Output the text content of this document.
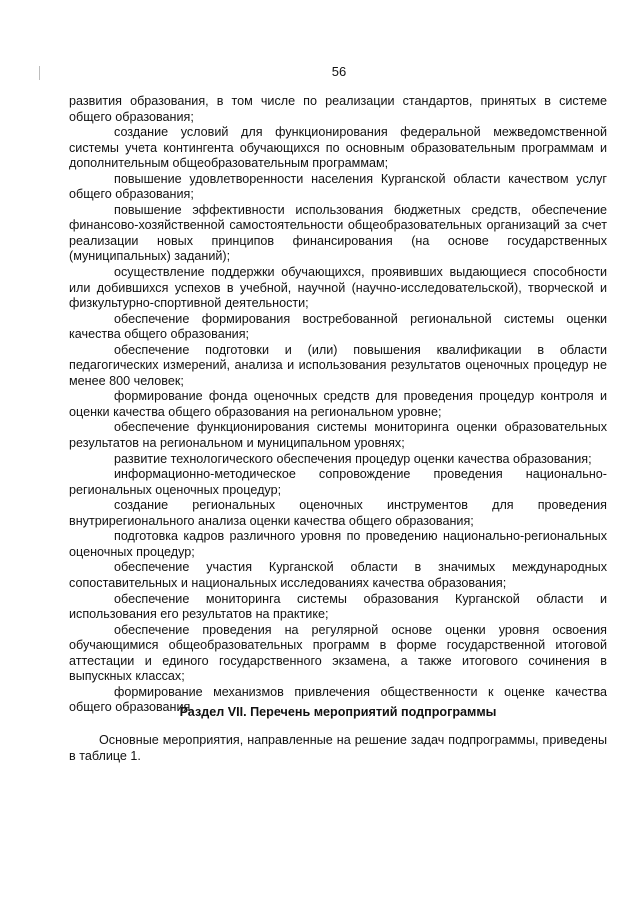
56

развития образования, в том числе по реализации стандартов, принятых в системе общего образования;

создание условий для функционирования федеральной межведомственной системы учета контингента обучающихся по основным образовательным программам и дополнительным общеобразовательным программам;

повышение удовлетворенности населения Курганской области качеством услуг общего образования;

повышение эффективности использования бюджетных средств, обеспечение финансово-хозяйственной самостоятельности общеобразовательных организаций за счет реализации новых принципов финансирования (на основе государственных (муниципальных) заданий);

осуществление поддержки обучающихся, проявивших выдающиеся способности или добившихся успехов в учебной, научной (научно-исследовательской), творческой и физкультурно-спортивной деятельности;

обеспечение формирования востребованной региональной системы оценки качества общего образования;

обеспечение подготовки и (или) повышения квалификации в области педагогических измерений, анализа и использования результатов оценочных процедур не менее 800 человек;

формирование фонда оценочных средств для проведения процедур контроля и оценки качества общего образования на региональном уровне;

обеспечение функционирования системы мониторинга оценки образовательных результатов на региональном и муниципальном уровнях;

развитие технологического обеспечения процедур оценки качества образования;

информационно-методическое сопровождение проведения национально-региональных оценочных процедур;

создание региональных оценочных инструментов для проведения внутрирегионального анализа оценки качества общего образования;

подготовка кадров различного уровня по проведению национально-региональных оценочных процедур;

обеспечение участия Курганской области в значимых международных сопоставительных и национальных исследованиях качества образования;

обеспечение мониторинга системы образования Курганской области и использования его результатов на практике;

обеспечение проведения на регулярной основе оценки уровня освоения обучающимися общеобразовательных программ в форме государственной итоговой аттестации и единого государственного экзамена, а также итогового сочинения в выпускных классах;

формирование механизмов привлечения общественности к оценке качества общего образования.

Раздел VII. Перечень мероприятий подпрограммы

Основные мероприятия, направленные на решение задач подпрограммы, приведены в таблице 1.
